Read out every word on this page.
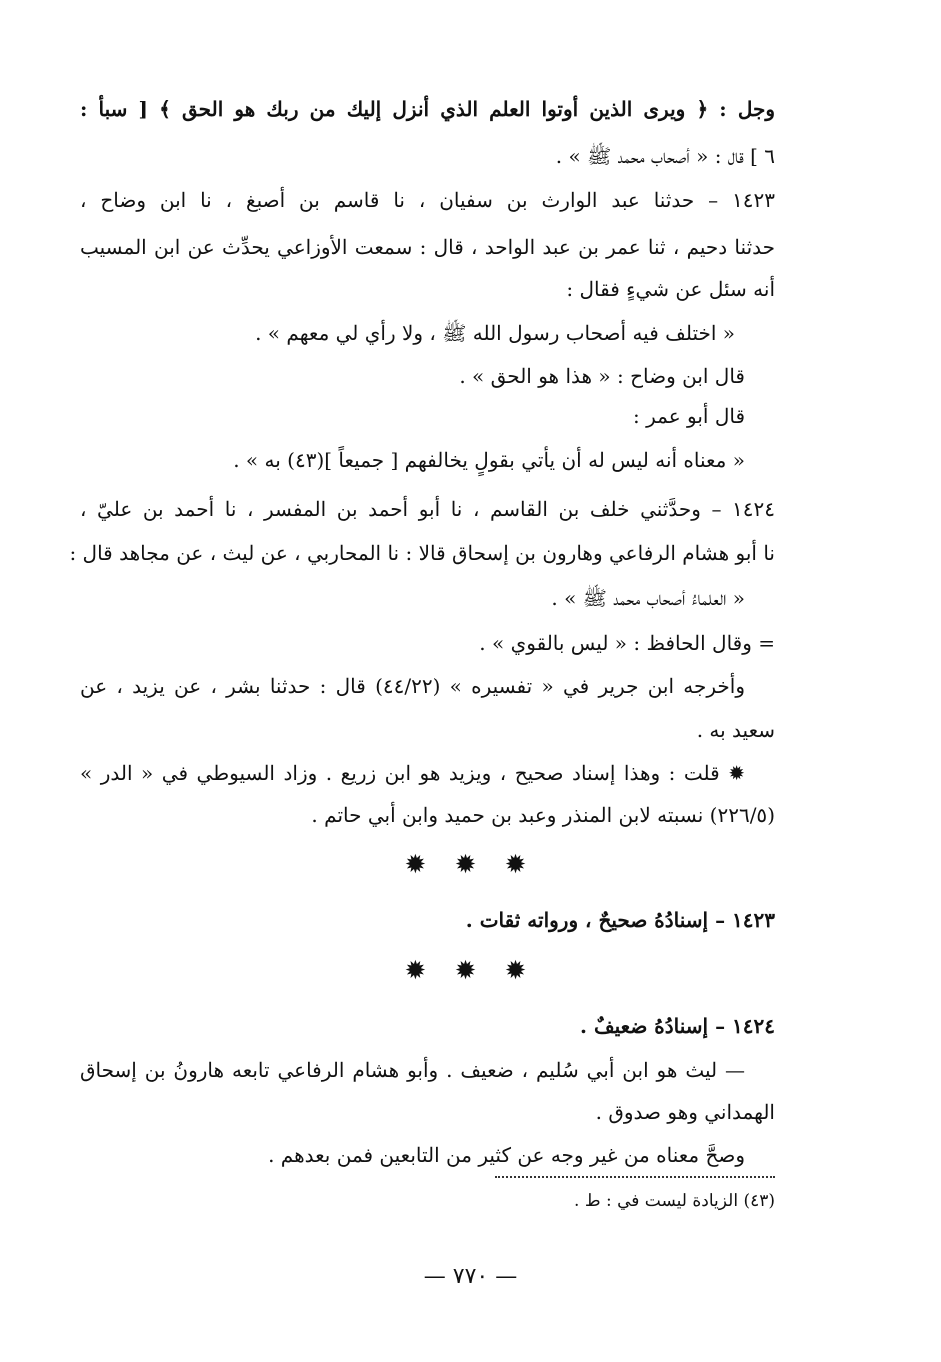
وجل : ﴿ ويرى الذين أوتوا العلم الذي أنزل إليك من ربك هو الحق ﴾ [ سبأ :
٦ ] قال : « أصحاب محمد ﷺ » .
١٤٢٣ – حدثنا عبد الوارث بن سفيان ، نا قاسم بن أصبغ ، نا ابن وضاح ،
حدثنا دحيم ، ثنا عمر بن عبد الواحد ، قال : سمعت الأوزاعي يحدِّث عن ابن المسيب
أنه سئل عن شيءٍ فقال :
« اختلف فيه أصحاب رسول الله ﷺ ، ولا رأي لي معهم » .
قال ابن وضاح : « هذا هو الحق » .
قال أبو عمر :
« معناه أنه ليس له أن يأتي بقولٍ يخالفهم [ جميعاً ](٤٣) به » .
١٤٢٤ – وحدَّثني خلف بن القاسم ، نا أبو أحمد بن المفسر ، نا أحمد بن عليّ ،
نا أبو هشام الرفاعي وهارون بن إسحاق قالا : نا المحاربي ، عن ليث ، عن مجاهد قال :
« العلماءُ أصحاب محمد ﷺ » .
= وقال الحافظ : « ليس بالقوي » .
وأخرجه ابن جرير في « تفسيره » (٤٤/٢٢) قال : حدثنا بشر ، عن يزيد ، عن
سعيد به .
✹ قلت : وهذا إسناد صحيح ، ويزيد هو ابن زريع . وزاد السيوطي في « الدر »
(٢٢٦/٥) نسبته لابن المنذر وعبد بن حميد وابن أبي حاتم .
✹ ✹ ✹
١٤٢٣ – إسنادُهُ صحيحٌ ، ورواته ثقات .
✹ ✹ ✹
١٤٢٤ – إسنادُهُ ضعيفٌ .
— ليث هو ابن أبي سُليم ، ضعيف . وأبو هشام الرفاعي تابعه هارونُ بن إسحاق
الهمداني وهو صدوق .
وصحَّ معناه من غير وجه عن كثير من التابعين فمن بعدهم .
(٤٣) الزيادة ليست في : ط .
— ٧٧٠ —
